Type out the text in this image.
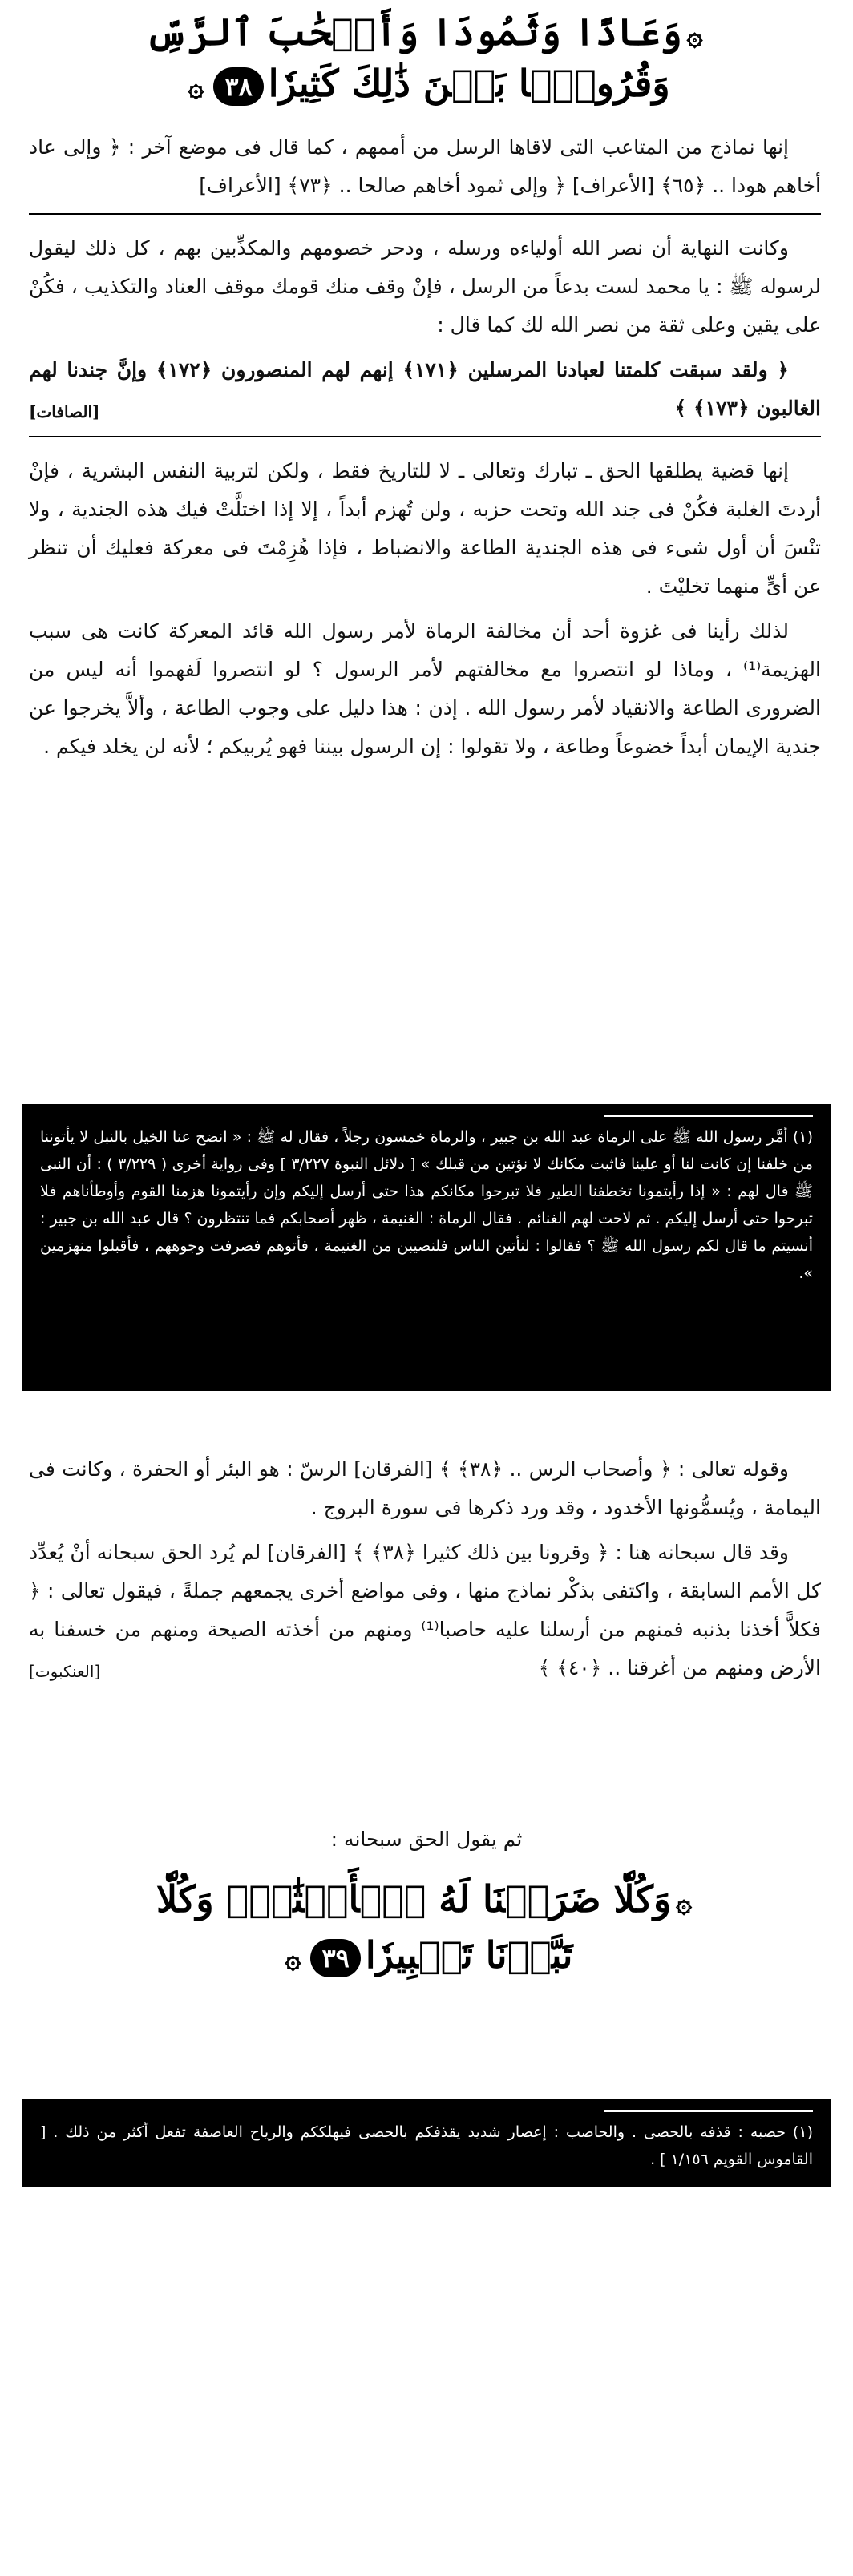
۞وَعَادًا وَثَمُودَا وَأَصۡحَٰبَ ٱلرَّسِّ
وَقُرُونَۢا بَيۡنَ ذَٰلِكَ كَثِيرٗا٣٨۞

إنها نماذج من المتاعب التى لاقاها الرسل من أممهم ، كما قال فى موضع آخر : ﴿ وإلى عاد أخاهم هودا .. ﴿٦٥﴾ [الأعراف] ﴿ وإلى ثمود أخاهم صالحا .. ﴿٧٣﴾ [الأعراف]

وكانت النهاية أن نصر الله أولياءه ورسله ، ودحر خصومهم والمكذِّبين بهم ، كل ذلك ليقول لرسوله ﷺ : يا محمد لست بدعاً من الرسل ، فإنْ وقف منك قومك موقف العناد والتكذيب ، فكُنْ على يقين وعلى ثقة من نصر الله لك كما قال :

﴿ ولقد سبقت كلمتنا لعبادنا المرسلين ﴿١٧١﴾ إنهم لهم المنصورون ﴿١٧٢﴾ وإنَّ جندنا لهم الغالبون ﴿١٧٣﴾ ﴾
[الصافات]

إنها قضية يطلقها الحق ـ تبارك وتعالى ـ لا للتاريخ فقط ، ولكن لتربية النفس البشرية ، فإنْ أردتَ الغلبة فكُنْ فى جند الله وتحت حزبه ، ولن تُهزم أبداً ، إلا إذا اختلَّتْ فيك هذه الجندية ، ولا تنْسَ أن أول شىء فى هذه الجندية الطاعة والانضباط ، فإذا هُزِمْتَ فى معركة فعليك أن تنظر عن أىٍّ منهما تخليْتَ .

لذلك رأينا فى غزوة أحد أن مخالفة الرماة لأمر رسول الله قائد المعركة كانت هى سبب الهزيمة⁽¹⁾ ، وماذا لو انتصروا مع مخالفتهم لأمر الرسول ؟ لو انتصروا لَفهموا أنه ليس من الضرورى الطاعة والانقياد لأمر رسول الله . إذن : هذا دليل على وجوب الطاعة ، وألاَّ يخرجوا عن جندية الإيمان أبداً خضوعاً وطاعة ، ولا تقولوا : إن الرسول بيننا فهو يُربيكم ؛ لأنه لن يخلد فيكم .

(١) أمَّر رسول الله ﷺ على الرماة عبد الله بن جبير ، والرماة خمسون رجلاً ، فقال له ﷺ : « انضح عنا الخيل بالنبل لا يأتوننا من خلفنا إن كانت لنا أو علينا فاثبت مكانك لا نؤتين من قبلك » [ دلائل النبوة ٣/٢٢٧ ] وفى رواية أخرى ( ٣/٢٢٩ ) : أن النبى ﷺ قال لهم : « إذا رأيتمونا تخطفنا الطير فلا تبرحوا مكانكم هذا حتى أرسل إليكم وإن رأيتمونا هزمنا القوم وأوطأناهم فلا تبرحوا حتى أرسل إليكم . ثم لاحت لهم الغنائم . فقال الرماة : الغنيمة ، ظهر أصحابكم فما تنتظرون ؟ قال عبد الله بن جبير : أنسيتم ما قال لكم رسول الله ﷺ ؟ فقالوا : لنأتين الناس فلنصيبن من الغنيمة ، فأتوهم فصرفت وجوههم ، فأقبلوا منهزمين ».

وقوله تعالى : ﴿ وأصحاب الرس .. ﴿٣٨﴾ ﴾ [الفرقان] الرسّ : هو البئر أو الحفرة ، وكانت فى اليمامة ، ويُسمُّونها الأخدود ، وقد ورد ذكرها فى سورة البروج .

وقد قال سبحانه هنا : ﴿ وقرونا بين ذلك كثيرا ﴿٣٨﴾ ﴾ [الفرقان] لم يُرد الحق سبحانه أنْ يُعدِّد كل الأمم السابقة ، واكتفى بذكْر نماذج منها ، وفى مواضع أخرى يجمعهم جملةً ، فيقول تعالى : ﴿ فكلاًّ أخذنا بذنبه فمنهم من أرسلنا عليه حاصبا⁽¹⁾ ومنهم من أخذته الصيحة ومنهم من خسفنا به الأرض ومنهم من أغرقنا .. ﴿٤٠﴾ ﴾
[العنكبوت]

ثم يقول الحق سبحانه :
۞وَكُلّٗا ضَرَبۡنَا لَهُ ٱلۡأَمۡثَٰلَۖ وَكُلّٗا
تَبَّرۡنَا تَتۡبِيرٗا٣٩۞
(١) حصبه : قذفه بالحصى . والحاصب : إعصار شديد يقذفكم بالحصى فيهلككم والرياح العاصفة تفعل أكثر من ذلك . [ القاموس القويم ١/١٥٦ ] .
